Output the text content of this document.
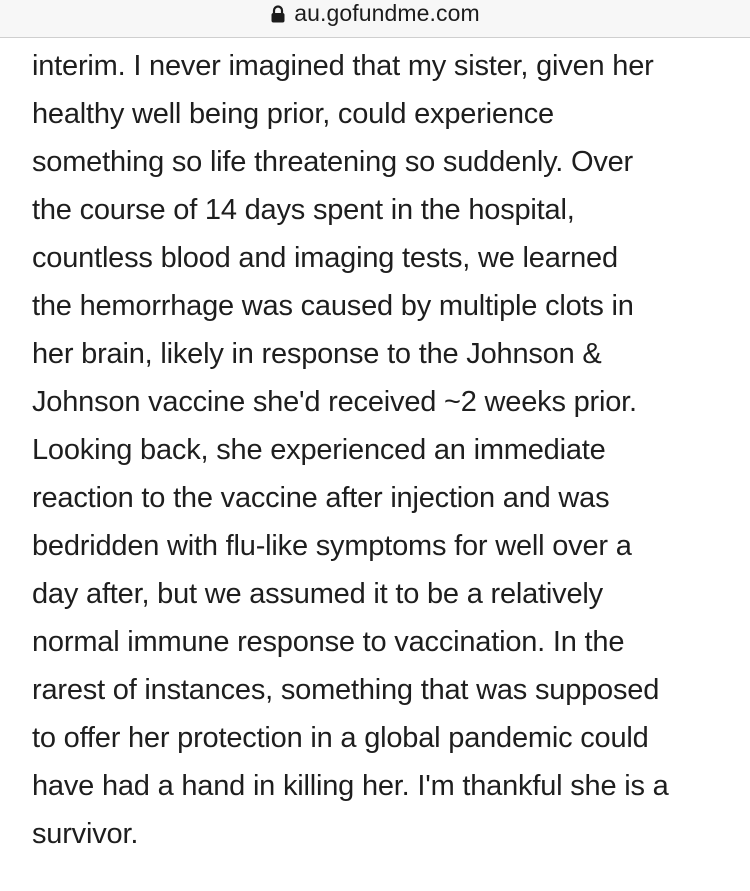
au.gofundme.com

interim. I never imagined that my sister, given her
healthy well being prior, could experience
something so life threatening so suddenly. Over
the course of 14 days spent in the hospital,
countless blood and imaging tests, we learned
the hemorrhage was caused by multiple clots in
her brain, likely in response to the Johnson &
Johnson vaccine she'd received ~2 weeks prior.
Looking back, she experienced an immediate
reaction to the vaccine after injection and was
bedridden with flu-like symptoms for well over a
day after, but we assumed it to be a relatively
normal immune response to vaccination. In the
rarest of instances, something that was supposed
to offer her protection in a global pandemic could
have had a hand in killing her. I'm thankful she is a
survivor.
